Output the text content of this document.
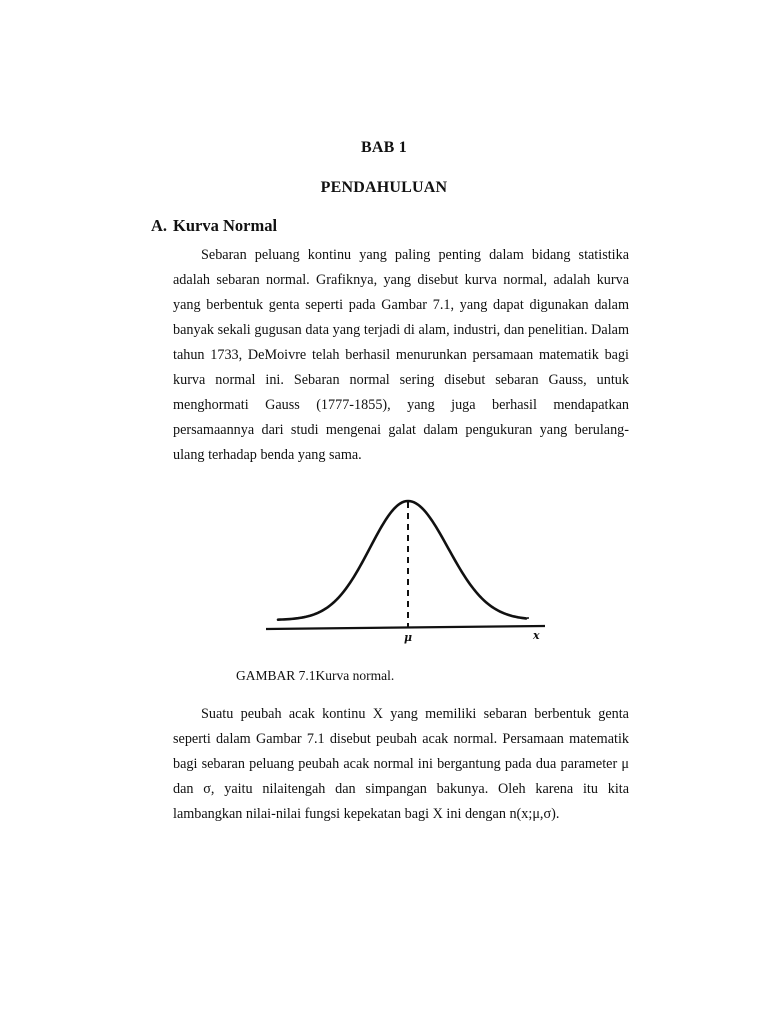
BAB 1
PENDAHULUAN
A. Kurva Normal

Sebaran peluang kontinu yang paling penting dalam bidang statistika adalah sebaran normal. Grafiknya, yang disebut kurva normal, adalah kurva yang berbentuk genta seperti pada Gambar 7.1, yang dapat digunakan dalam banyak sekali gugusan data yang terjadi di alam, industri, dan penelitian. Dalam tahun 1733, DeMoivre telah berhasil menurunkan persamaan matematik bagi kurva normal ini. Sebaran normal sering disebut sebaran Gauss, untuk menghormati Gauss (1777-1855), yang juga berhasil mendapatkan persamaannya dari studi mengenai galat dalam pengukuran yang berulang-ulang terhadap benda yang sama.

μ	x
GAMBAR 7.1Kurva normal.

Suatu peubah acak kontinu X yang memiliki sebaran berbentuk genta seperti dalam Gambar 7.1 disebut peubah acak normal. Persamaan matematik bagi sebaran peluang peubah acak normal ini bergantung pada dua parameter μ dan σ, yaitu nilaitengah dan simpangan bakunya. Oleh karena itu kita lambangkan nilai-nilai fungsi kepekatan bagi X ini dengan n(x;μ,σ).
